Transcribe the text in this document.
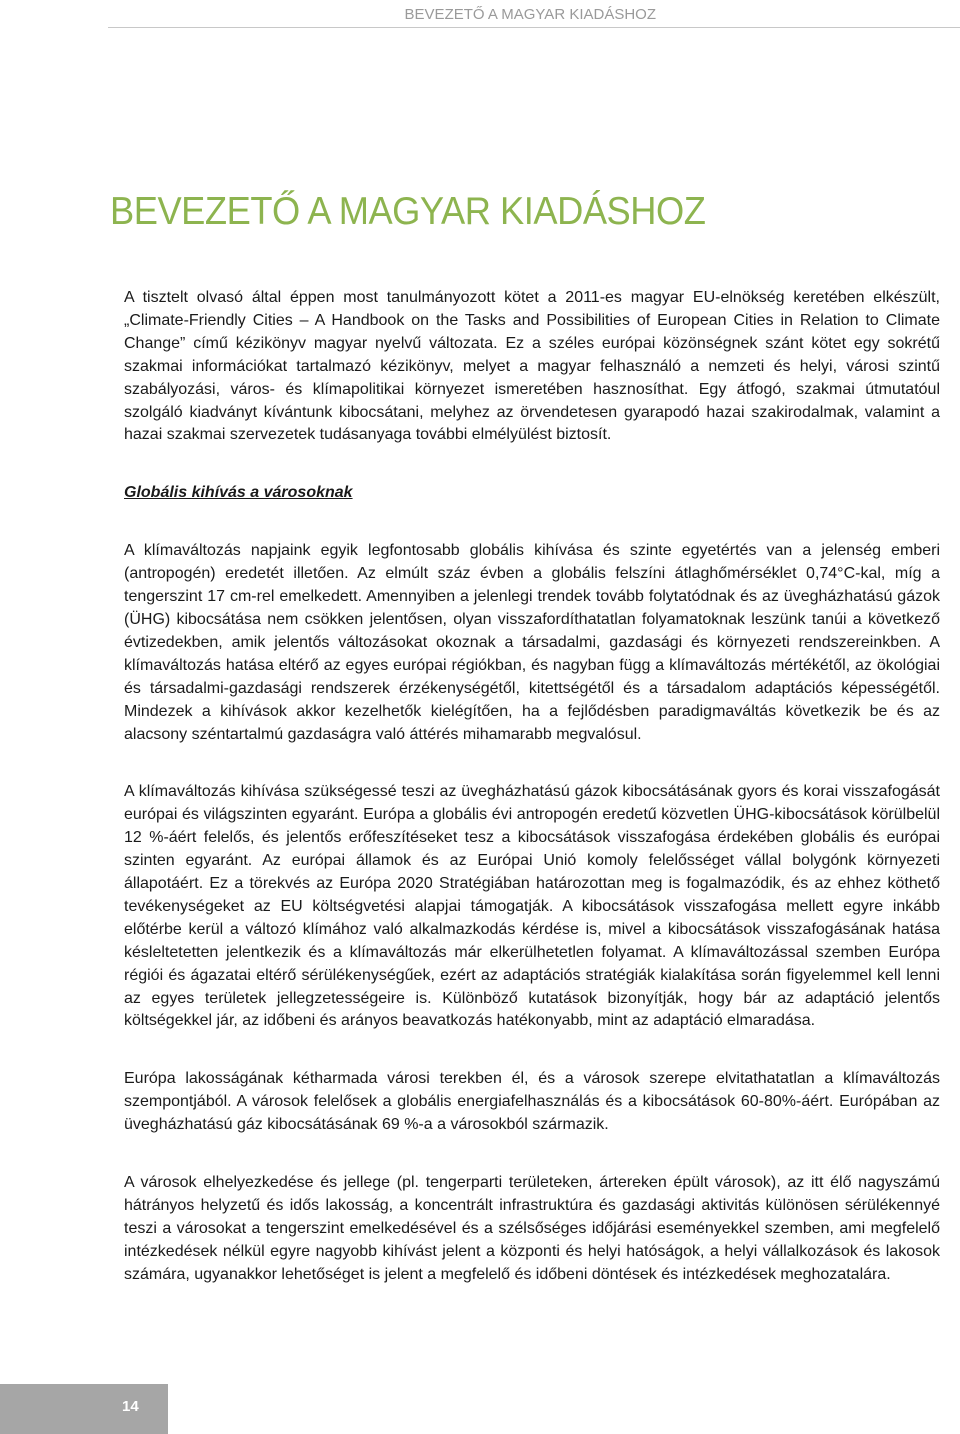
BEVEZETŐ A MAGYAR KIADÁSHOZ
BEVEZETŐ A MAGYAR KIADÁSHOZ

A tisztelt olvasó által éppen most tanulmányozott kötet a 2011-es magyar EU-elnökség keretében elkészült, „Climate-Friendly Cities – A Handbook on the Tasks and Possibilities of European Cities in Relation to Climate Change” című kézikönyv magyar nyelvű változata. Ez a széles európai közönségnek szánt kötet egy sokrétű szakmai információkat tartalmazó kézikönyv, melyet a magyar felhasználó a nemzeti és helyi, városi szintű szabályozási, város- és klímapolitikai környezet ismeretében hasznosíthat. Egy átfogó, szakmai útmutatóul szolgáló kiadványt kívántunk kibocsátani, melyhez az örvendetesen gyarapodó hazai szakirodalmak, valamint a hazai szakmai szervezetek tudásanyaga további elmélyülést biztosít.

Globális kihívás a városoknak

A klímaváltozás napjaink egyik legfontosabb globális kihívása és szinte egyetértés van a jelenség emberi (antropogén) eredetét illetően. Az elmúlt száz évben a globális felszíni átlaghőmérséklet 0,74°C-kal, míg a tengerszint 17 cm-rel emelkedett. Amennyiben a jelenlegi trendek tovább folytatódnak és az üvegházhatású gázok (ÜHG) kibocsátása nem csökken jelentősen, olyan visszafordíthatatlan folyamatoknak leszünk tanúi a következő évtizedekben, amik jelentős változásokat okoznak a társadalmi, gazdasági és környezeti rendszereinkben. A klímaváltozás hatása eltérő az egyes európai régiókban, és nagyban függ a klímaváltozás mértékétől, az ökológiai és társadalmi-gazdasági rendszerek érzékenységétől, kitettségétől és a társadalom adaptációs képességétől. Mindezek a kihívások akkor kezelhetők kielégítően, ha a fejlődésben paradigmaváltás következik be és az alacsony széntartalmú gazdaságra való áttérés mihamarabb megvalósul.

A klímaváltozás kihívása szükségessé teszi az üvegházhatású gázok kibocsátásának gyors és korai visszafogását európai és világszinten egyaránt. Európa a globális évi antropogén eredetű közvetlen ÜHG-kibocsátások körülbelül 12 %-áért felelős, és jelentős erőfeszítéseket tesz a kibocsátások visszafogása érdekében globális és európai szinten egyaránt. Az európai államok és az Európai Unió komoly felelősséget vállal bolygónk környezeti állapotáért. Ez a törekvés az Európa 2020 Stratégiában határozottan meg is fogalmazódik, és az ehhez köthető tevékenységeket az EU költségvetési alapjai támogatják. A kibocsátások visszafogása mellett egyre inkább előtérbe kerül a változó klímához való alkalmazkodás kérdése is, mivel a kibocsátások visszafogásának hatása késleltetetten jelentkezik és a klímaváltozás már elkerülhetetlen folyamat. A klímaváltozással szemben Európa régiói és ágazatai eltérő sérülékenységűek, ezért az adaptációs stratégiák kialakítása során figyelemmel kell lenni az egyes területek jellegzetességeire is. Különböző kutatások bizonyítják, hogy bár az adaptáció jelentős költségekkel jár, az időbeni és arányos beavatkozás hatékonyabb, mint az adaptáció elmaradása.

Európa lakosságának kétharmada városi terekben él, és a városok szerepe elvitathatatlan a klímaváltozás szempontjából. A városok felelősek a globális energiafelhasználás és a kibocsátások 60-80%-áért. Európában az üvegházhatású gáz kibocsátásának 69 %-a a városokból származik.

A városok elhelyezkedése és jellege (pl. tengerparti területeken, ártereken épült városok), az itt élő nagyszámú hátrányos helyzetű és idős lakosság, a koncentrált infrastruktúra és gazdasági aktivitás különösen sérülékennyé teszi a városokat a tengerszint emelkedésével és a szélsőséges időjárási eseményekkel szemben, ami megfelelő intézkedések nélkül egyre nagyobb kihívást jelent a központi és helyi hatóságok, a helyi vállalkozások és lakosok számára, ugyanakkor lehetőséget is jelent a megfelelő és időbeni döntések és intézkedések meghozatalára.

14
